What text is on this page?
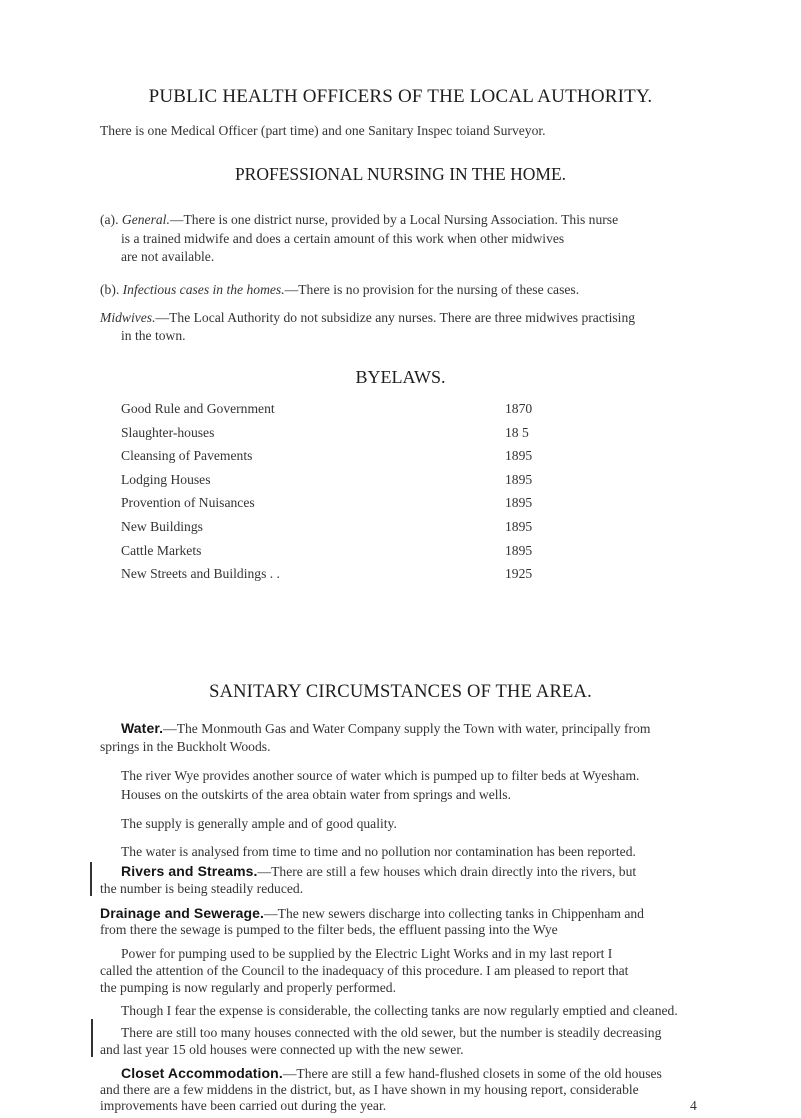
PUBLIC HEALTH OFFICERS OF THE LOCAL AUTHORITY.
There is one Medical Officer (part time) and one Sanitary Inspec toiand Surveyor.
PROFESSIONAL NURSING IN THE HOME.
(a). General.—There is one district nurse, provided by a Local Nursing Association. This nurse
is a trained midwife and does a certain amount of this work when other midwives
are not available.
(b). Infectious cases in the homes.—There is no provision for the nursing of these cases.
Midwives.—The Local Authority do not subsidize any nurses. There are three midwives practising
in the town.
BYELAWS.
Good Rule and Government	1870
Slaughter-houses	18 5
Cleansing of Pavements	1895
Lodging Houses	1895
Provention of Nuisances	1895
New Buildings	1895
Cattle Markets	1895
New Streets and Buildings . .	1925
SANITARY CIRCUMSTANCES OF THE AREA.
Water.—The Monmouth Gas and Water Company supply the Town with water, principally from
springs in the Buckholt Woods.
The river Wye provides another source of water which is pumped up to filter beds at Wyesham.
Houses on the outskirts of the area obtain water from springs and wells.
The supply is generally ample and of good quality.
The water is analysed from time to time and no pollution nor contamination has been reported.
Rivers and Streams.—There are still a few houses which drain directly into the rivers, but
the number is being steadily reduced.
Drainage and Sewerage.—The new sewers discharge into collecting tanks in Chippenham and
from there the sewage is pumped to the filter beds, the effluent passing into the Wye
Power for pumping used to be supplied by the Electric Light Works and in my last report I
called the attention of the Council to the inadequacy of this procedure. I am pleased to report that
the pumping is now regularly and properly performed.
Though I fear the expense is considerable, the collecting tanks are now regularly emptied and cleaned.
There are still too many houses connected with the old sewer, but the number is steadily decreasing
and last year 15 old houses were connected up with the new sewer.
Closet Accommodation.—There are still a few hand-flushed closets in some of the old houses
and there are a few middens in the district, but, as I have shown in my housing report, considerable
improvements have been carried out during the year.	4
